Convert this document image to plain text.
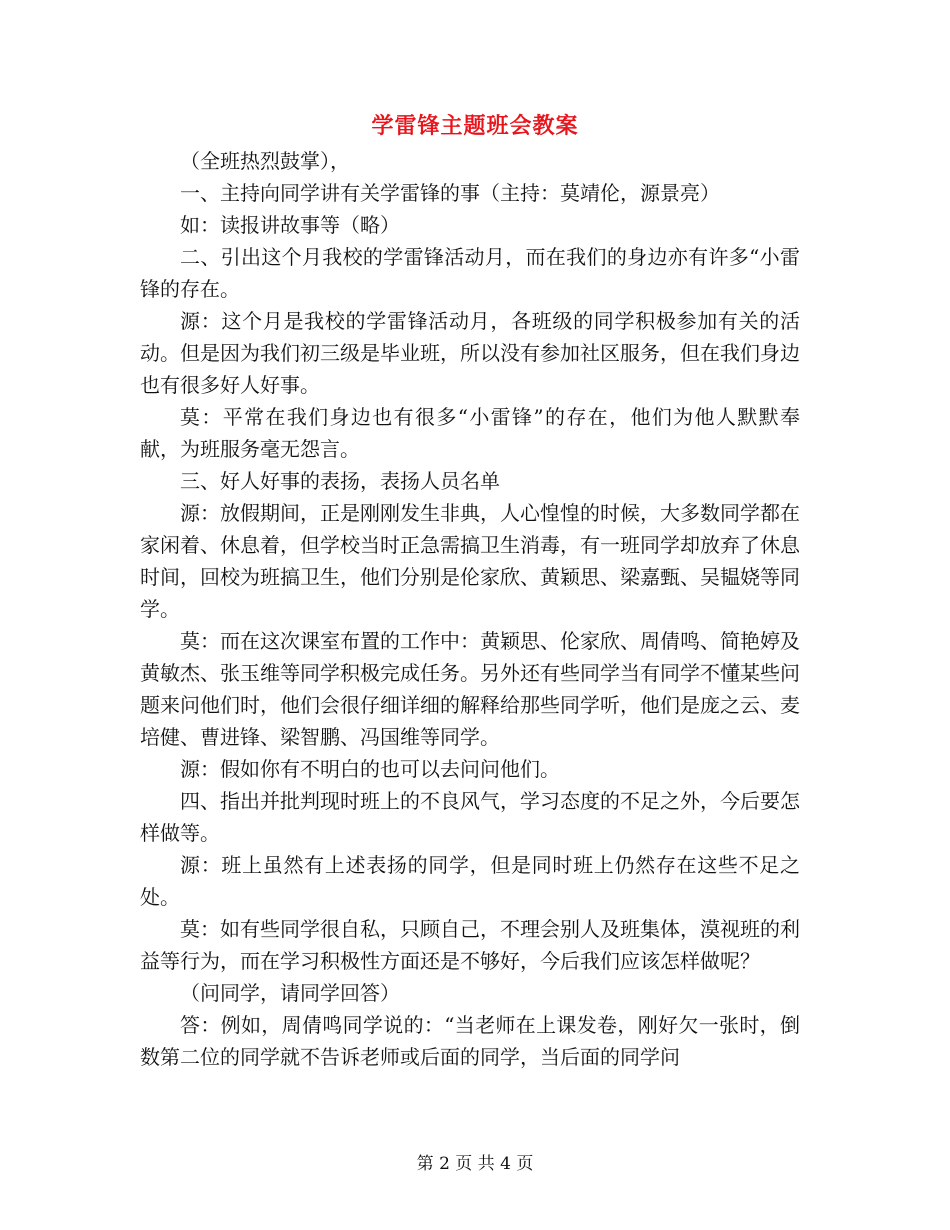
学雷锋主题班会教案

（全班热烈鼓掌），

一、主持向同学讲有关学雷锋的事（主持：莫靖伦，源景亮）

如：读报讲故事等（略）

二、引出这个月我校的学雷锋活动月，而在我们的身边亦有许多“小雷锋的存在。

源：这个月是我校的学雷锋活动月，各班级的同学积极参加有关的活动。但是因为我们初三级是毕业班，所以没有参加社区服务，但在我们身边也有很多好人好事。

莫：平常在我们身边也有很多“小雷锋”的存在，他们为他人默默奉献，为班服务毫无怨言。

三、好人好事的表扬，表扬人员名单

源：放假期间，正是刚刚发生非典，人心惶惶的时候，大多数同学都在家闲着、休息着，但学校当时正急需搞卫生消毒，有一班同学却放弃了休息时间，回校为班搞卫生，他们分别是伦家欣、黄颖思、梁嘉甄、吴韫娆等同学。

莫：而在这次课室布置的工作中：黄颖思、伦家欣、周倩鸣、简艳婷及黄敏杰、张玉维等同学积极完成任务。另外还有些同学当有同学不懂某些问题来问他们时，他们会很仔细详细的解释给那些同学听，他们是庞之云、麦培健、曹进锋、梁智鹏、冯国维等同学。

源：假如你有不明白的也可以去问问他们。

四、指出并批判现时班上的不良风气，学习态度的不足之外，今后要怎样做等。

源：班上虽然有上述表扬的同学，但是同时班上仍然存在这些不足之处。

莫：如有些同学很自私，只顾自己，不理会别人及班集体，漠视班的利益等行为，而在学习积极性方面还是不够好，今后我们应该怎样做呢？

（问同学，请同学回答）

答：例如，周倩鸣同学说的：“当老师在上课发卷，刚好欠一张时，倒数第二位的同学就不告诉老师或后面的同学，当后面的同学问

第 2 页 共 4 页
